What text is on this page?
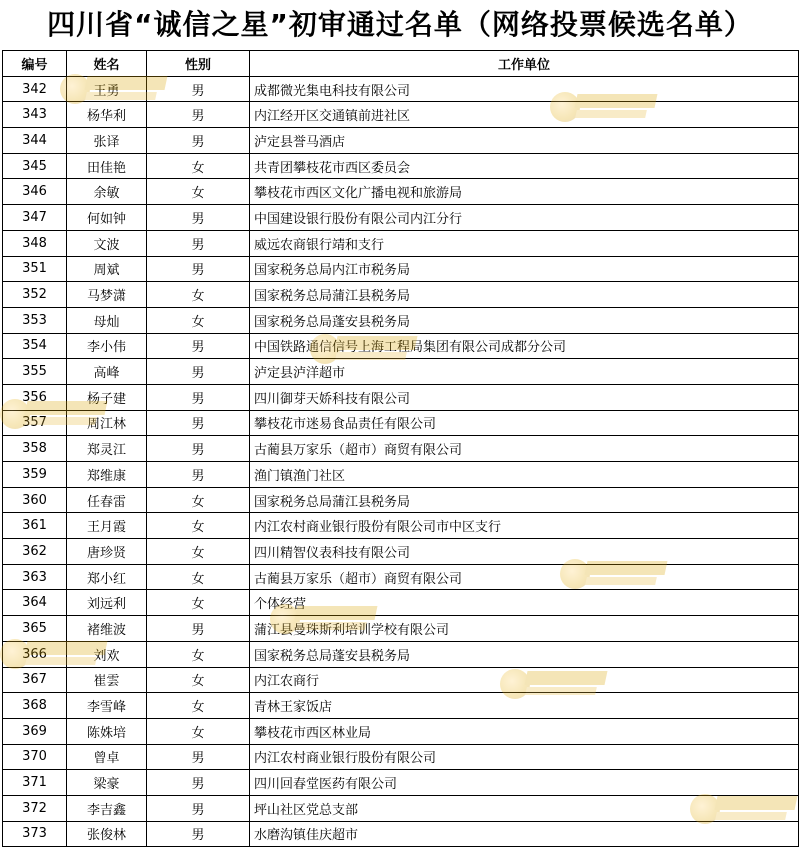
四川省“诚信之星”初审通过名单（网络投票候选名单）
编号	姓名	性别	工作单位
342	王勇	男	成都微光集电科技有限公司
343	杨华利	男	内江经开区交通镇前进社区
344	张译	男	泸定县誉马酒店
345	田佳艳	女	共青团攀枝花市西区委员会
346	余敏	女	攀枝花市西区文化广播电视和旅游局
347	何如钟	男	中国建设银行股份有限公司内江分行
348	文波	男	威远农商银行靖和支行
351	周斌	男	国家税务总局内江市税务局
352	马梦潇	女	国家税务总局蒲江县税务局
353	母灿	女	国家税务总局蓬安县税务局
354	李小伟	男	中国铁路通信信号上海工程局集团有限公司成都分公司
355	高峰	男	泸定县泸洋超市
356	杨子建	男	四川御芽天娇科技有限公司
357	周江林	男	攀枝花市迷易食品责任有限公司
358	郑灵江	男	古蔺县万家乐（超市）商贸有限公司
359	郑维康	男	渔门镇渔门社区
360	任春雷	女	国家税务总局蒲江县税务局
361	王月霞	女	内江农村商业银行股份有限公司市中区支行
362	唐珍贤	女	四川精智仪表科技有限公司
363	郑小红	女	古蔺县万家乐（超市）商贸有限公司
364	刘远利	女	个体经营
365	褚维波	男	蒲江县曼珠斯利培训学校有限公司
366	刘欢	女	国家税务总局蓬安县税务局
367	崔雲	女	内江农商行
368	李雪峰	女	青林王家饭店
369	陈姝培	女	攀枝花市西区林业局
370	曾卓	男	内江农村商业银行股份有限公司
371	梁豪	男	四川回春堂医药有限公司
372	李吉鑫	男	坪山社区党总支部
373	张俊林	男	水磨沟镇佳庆超市
